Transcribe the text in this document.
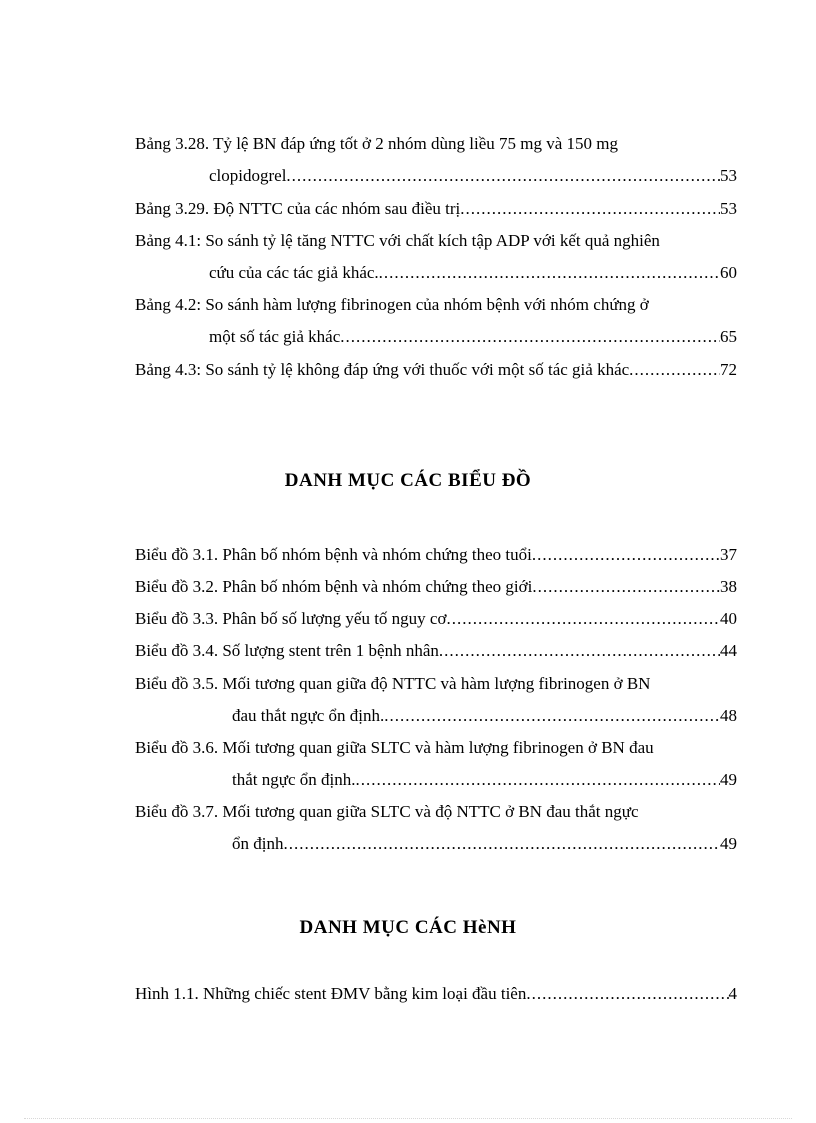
Bảng 3.28. Tỷ lệ BN đáp ứng tốt ở 2 nhóm dùng liều 75 mg và 150 mg
clopidogrel .....	53
Bảng 3.29. Độ NTTC của các nhóm sau điều trị .....	53
Bảng 4.1: So sánh tỷ lệ tăng NTTC với chất kích tập ADP với kết quả nghiên
cứu của các tác giả khác. .....	60
Bảng 4.2: So sánh hàm lượng fibrinogen của nhóm bệnh với nhóm chứng ở
một số tác giả khác .....	65
Bảng 4.3: So sánh tỷ lệ không đáp ứng với thuốc với một số tác giả khác .....	72
DANH MỤC CÁC BIỂU ĐỒ
Biểu đồ 3.1. Phân bố nhóm bệnh và nhóm chứng theo tuổi .....	37
Biểu đồ 3.2. Phân bố nhóm bệnh và nhóm chứng theo giới .....	38
Biểu đồ 3.3. Phân bố số lượng yếu tố nguy cơ .....	40
Biểu đồ 3.4. Số lượng stent trên 1 bệnh nhân .....	44
Biểu đồ 3.5. Mối tương quan giữa độ NTTC và hàm lượng fibrinogen ở BN
đau thắt ngực ổn định. .....	48
Biểu đồ 3.6. Mối tương quan giữa SLTC và hàm lượng fibrinogen ở BN đau
thắt ngực ổn định. .....	49
Biểu đồ 3.7. Mối tương quan giữa SLTC và độ NTTC ở BN đau thắt ngực
ổn định .....	49
DANH MỤC CÁC HèNH
Hình 1.1. Những chiếc stent ĐMV bằng kim loại đầu tiên .....	4
